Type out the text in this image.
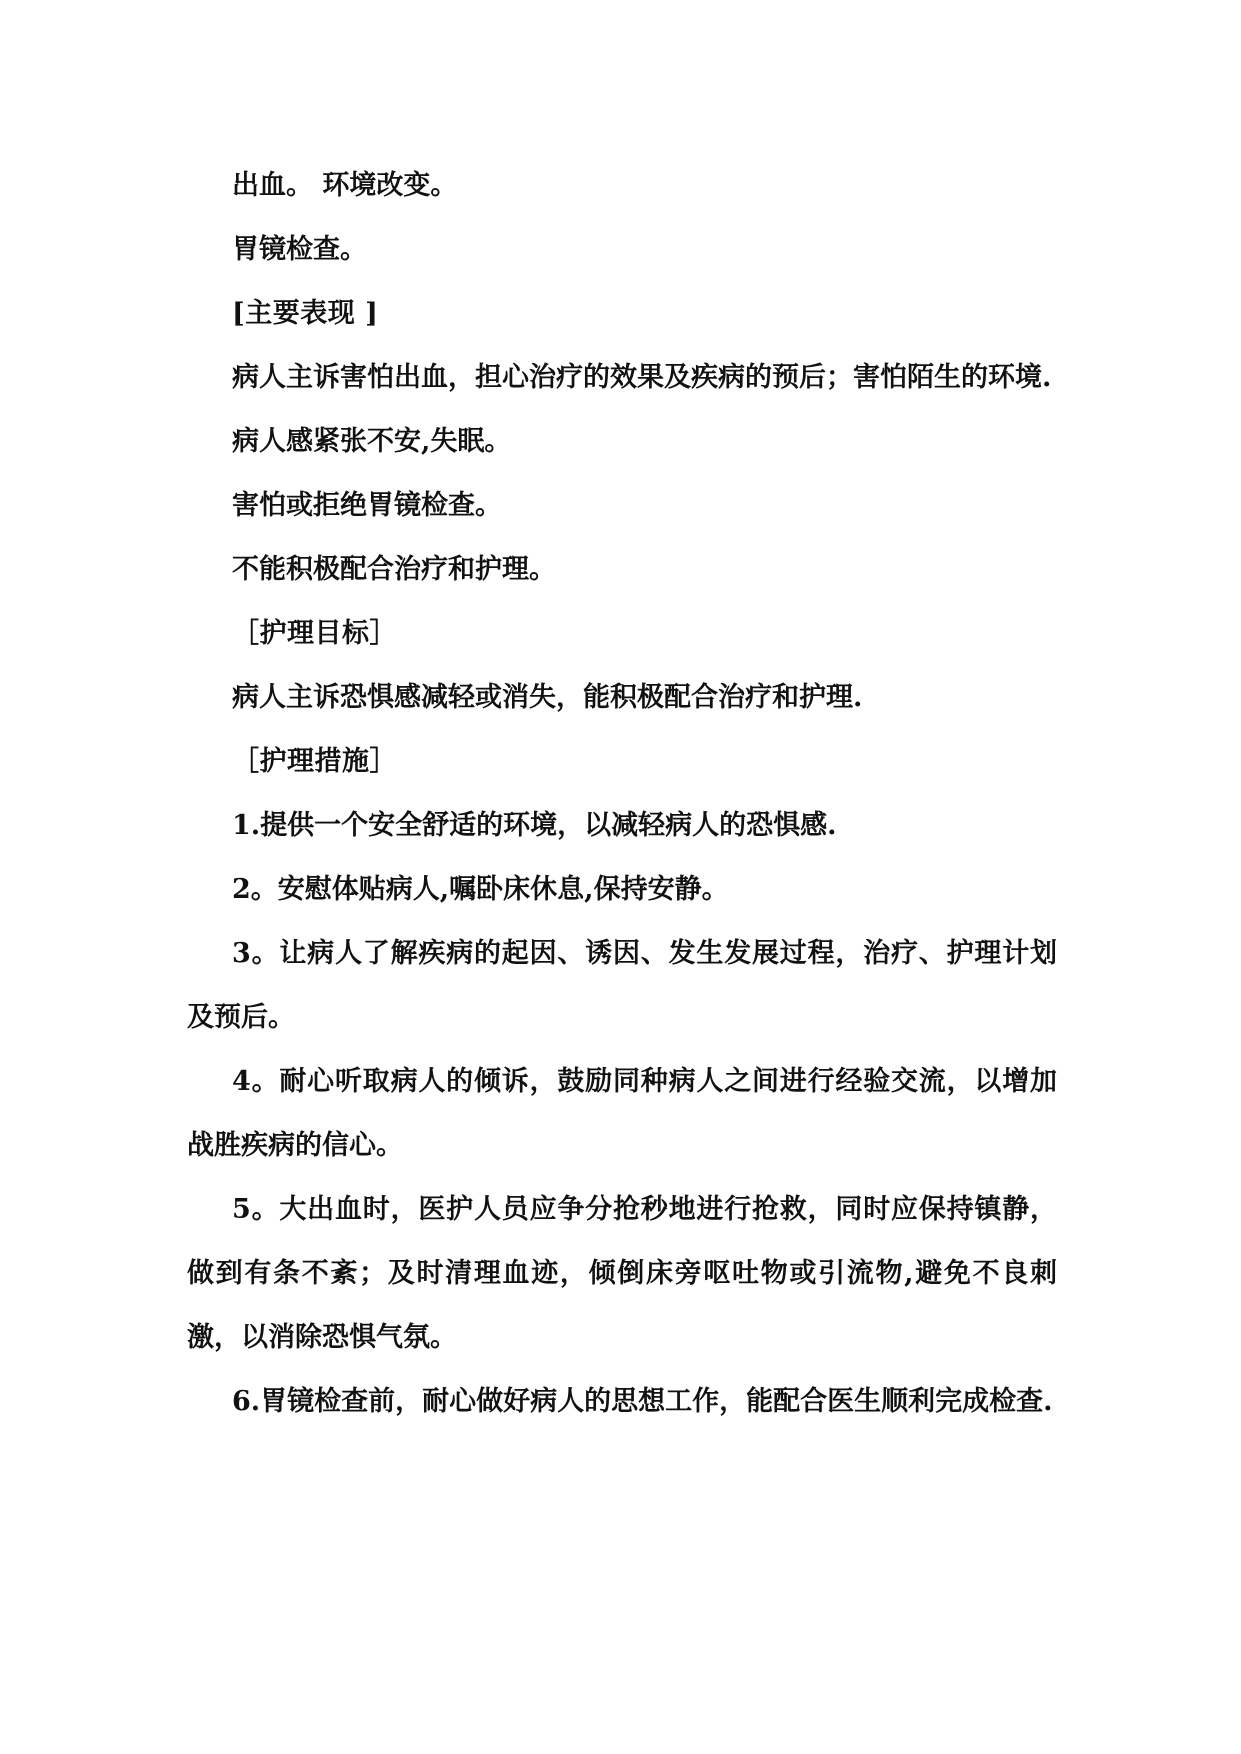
出血。 环境改变。

胃镜检查。

[主要表现 ]

病人主诉害怕出血，担心治疗的效果及疾病的预后；害怕陌生的环境.

病人感紧张不安,失眠。

害怕或拒绝胃镜检查。

不能积极配合治疗和护理。

［护理目标］

病人主诉恐惧感减轻或消失，能积极配合治疗和护理.

［护理措施］

1.提供一个安全舒适的环境，以减轻病人的恐惧感.

2。安慰体贴病人,嘱卧床休息,保持安静。

3。让病人了解疾病的起因、诱因、发生发展过程，治疗、护理计划及预后。

4。耐心听取病人的倾诉，鼓励同种病人之间进行经验交流，以增加战胜疾病的信心。

5。大出血时，医护人员应争分抢秒地进行抢救，同时应保持镇静，做到有条不紊；及时清理血迹，倾倒床旁呕吐物或引流物,避免不良刺激，以消除恐惧气氛。

6.胃镜检查前，耐心做好病人的思想工作，能配合医生顺利完成检查.
